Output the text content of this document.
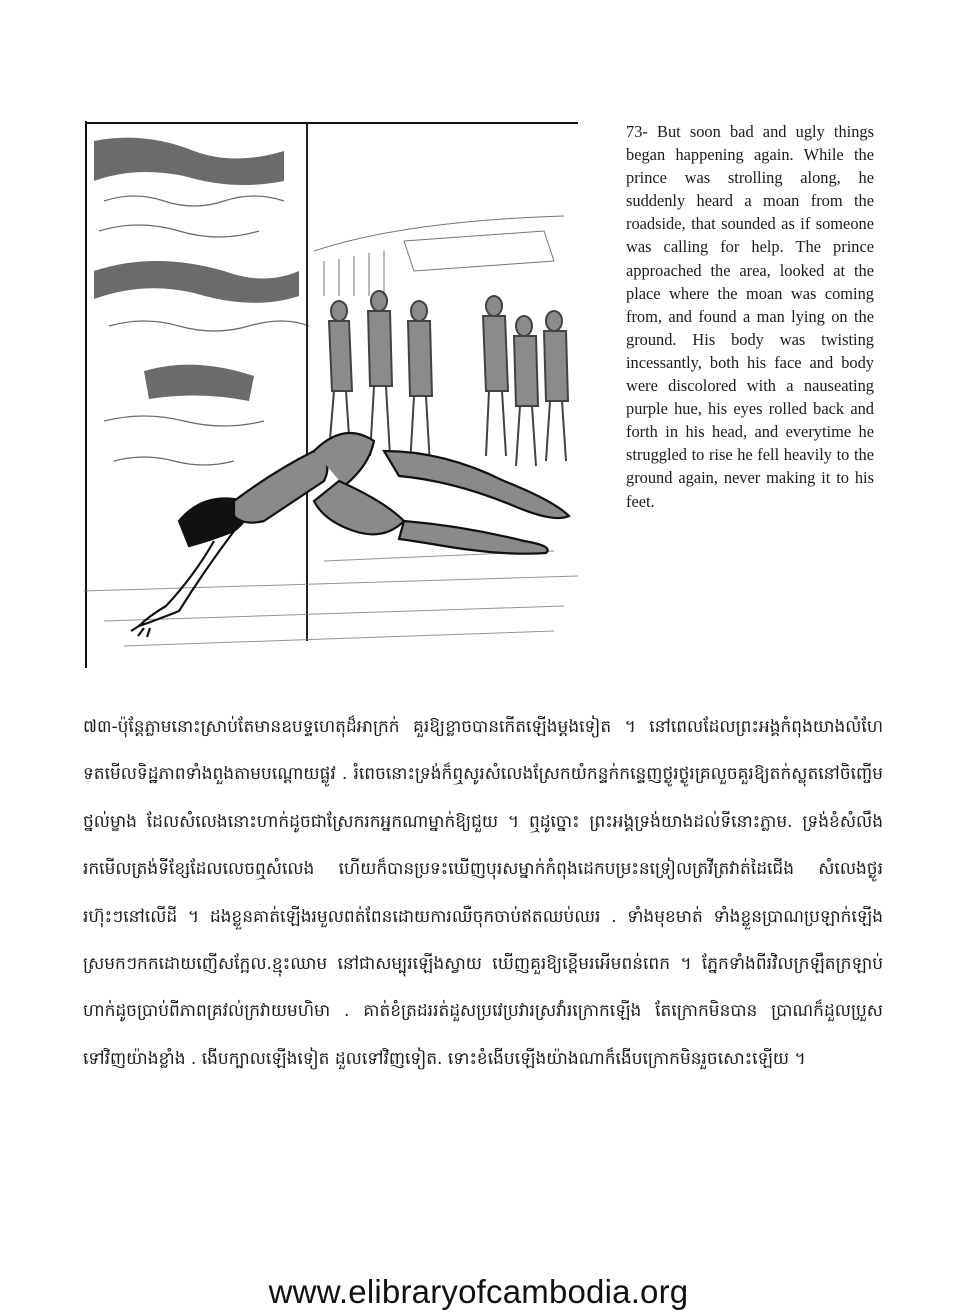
73- But soon bad and ugly things began happening again. While the prince was strolling along, he suddenly heard a moan from the roadside, that sounded as if someone was calling for help. The prince approached the area, looked at the place where the moan was coming from, and found a man lying on the ground. His body was twisting incessantly, both his face and body were discolored with a nauseating purple hue, his eyes rolled back and forth in his head, and everytime he struggled to rise he fell heavily to the ground again, never making it to his feet.

៧៣-ប៉ុន្តែភ្លាមនោះស្រាប់តែមានឧបទ្ទហេតុដ៏អាក្រក់ គួរឱ្យខ្លាចបានកើតឡើងម្តងទៀត ។ នៅពេលដែលព្រះអង្គកំពុងយាងលំហែទតមើលទិដ្ឋភាពទាំងពួងតាមបណ្តោយផ្លូវ . រំពេចនោះទ្រង់ក៏ឮសូរសំលេងស្រែកយំកន្ទក់កន្ទេញថ្ងូរថ្ងូរគ្រលួចគួរឱ្យតក់ស្លុតនៅចិញ្ចើមថ្នល់ម្ខាង ដែលសំលេងនោះហាក់ដូចជាស្រែករកអ្នកណាម្នាក់ឱ្យជួយ ។ ឮដូច្នោះ ព្រះអង្គទ្រង់យាងដល់ទីនោះភ្លាម. ទ្រង់ខំសំលឹងរកមើលត្រង់ទីខ្សែដែលលេចឮសំលេង ហើយក៏បានប្រទះឃើញបុរសម្នាក់កំពុងដេកបម្រះនទ្រៀលត្រវីត្រវាត់ដៃជើង សំលេងថ្ងូររហ៊ុះៗនៅលើដី ។ ដងខ្លួនគាត់ឡើងរមួលពត់ពែនដោយការឈឺចុកចាប់ឥតឈប់ឈរ . ទាំងមុខមាត់ ទាំងខ្លួនប្រាណប្រឡាក់ឡើងស្រមកៗកកដោយញើសក្អែល.ខ្មុះឈាម នៅជាសម្បុរឡើងស្វាយ ឃើញគួរឱ្យខ្ពើមរអើមពន់ពេក ។ ភ្នែកទាំងពីរវិលក្រឡឹតក្រឡាប់ហាក់ដូចប្រាប់ពីភាពគ្រវល់ក្រវាយមហិមា . គាត់ខំត្រដររត់ដួសប្រវេប្រវារស្រវាំរក្រោកឡើង តែក្រោកមិនបាន ប្រាណក៏ដួលប្រួសទៅវិញយ៉ាងខ្លាំង . ងើបក្បាលឡើងទៀត ដួលទៅវិញទៀត. ទោះខំងើបឡើងយ៉ាងណាក៏ងើបក្រោកមិនរួចសោះឡើយ ។

www.elibraryofcambodia.org
